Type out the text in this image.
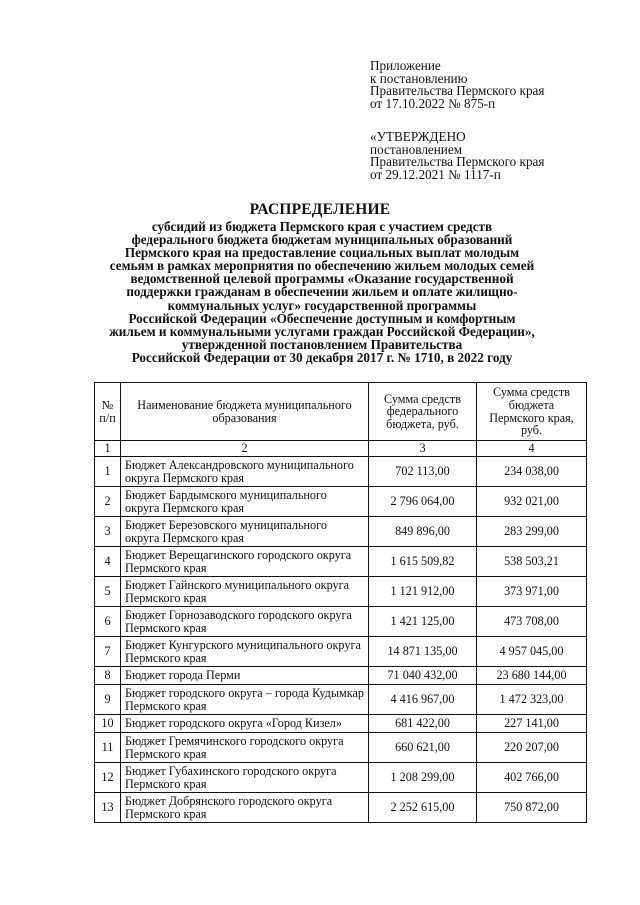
Приложение
к постановлению
Правительства Пермского края
от 17.10.2022 № 875-п
«УТВЕРЖДЕНО
постановлением
Правительства Пермского края
от 29.12.2021 № 1117-п
РАСПРЕДЕЛЕНИЕ
субсидий из бюджета Пермского края с участием средств
федерального бюджета бюджетам муниципальных образований
Пермского края на предоставление социальных выплат молодым
семьям в рамках мероприятия по обеспечению жильем молодых семей
ведомственной целевой программы «Оказание государственной
поддержки гражданам в обеспечении жильем и оплате жилищно-
коммунальных услуг» государственной программы
Российской Федерации «Обеспечение доступным и комфортным
жильем и коммунальными услугами граждан Российской Федерации»,
утвержденной постановлением Правительства
Российской Федерации от 30 декабря 2017 г. № 1710, в 2022 году
№ п/п	Наименование бюджета муниципального образования	Сумма средств федерального бюджета, руб.	Сумма средств бюджета Пермского края, руб.
1	2	3	4
1	Бюджет Александровского муниципального округа Пермского края	702 113,00	234 038,00
2	Бюджет Бардымского муниципального округа Пермского края	2 796 064,00	932 021,00
3	Бюджет Березовского муниципального округа Пермского края	849 896,00	283 299,00
4	Бюджет Верещагинского городского округа Пермского края	1 615 509,82	538 503,21
5	Бюджет Гайнского муниципального округа Пермского края	1 121 912,00	373 971,00
6	Бюджет Горнозаводского городского округа Пермского края	1 421 125,00	473 708,00
7	Бюджет Кунгурского муниципального округа Пермского края	14 871 135,00	4 957 045,00
8	Бюджет города Перми	71 040 432,00	23 680 144,00
9	Бюджет городского округа – города Кудымкар Пермского края	4 416 967,00	1 472 323,00
10	Бюджет городского округа «Город Кизел»	681 422,00	227 141,00
11	Бюджет Гремячинского городского округа Пермского края	660 621,00	220 207,00
12	Бюджет Губахинского городского округа Пермского края	1 208 299,00	402 766,00
13	Бюджет Добрянского городского округа Пермского края	2 252 615,00	750 872,00
